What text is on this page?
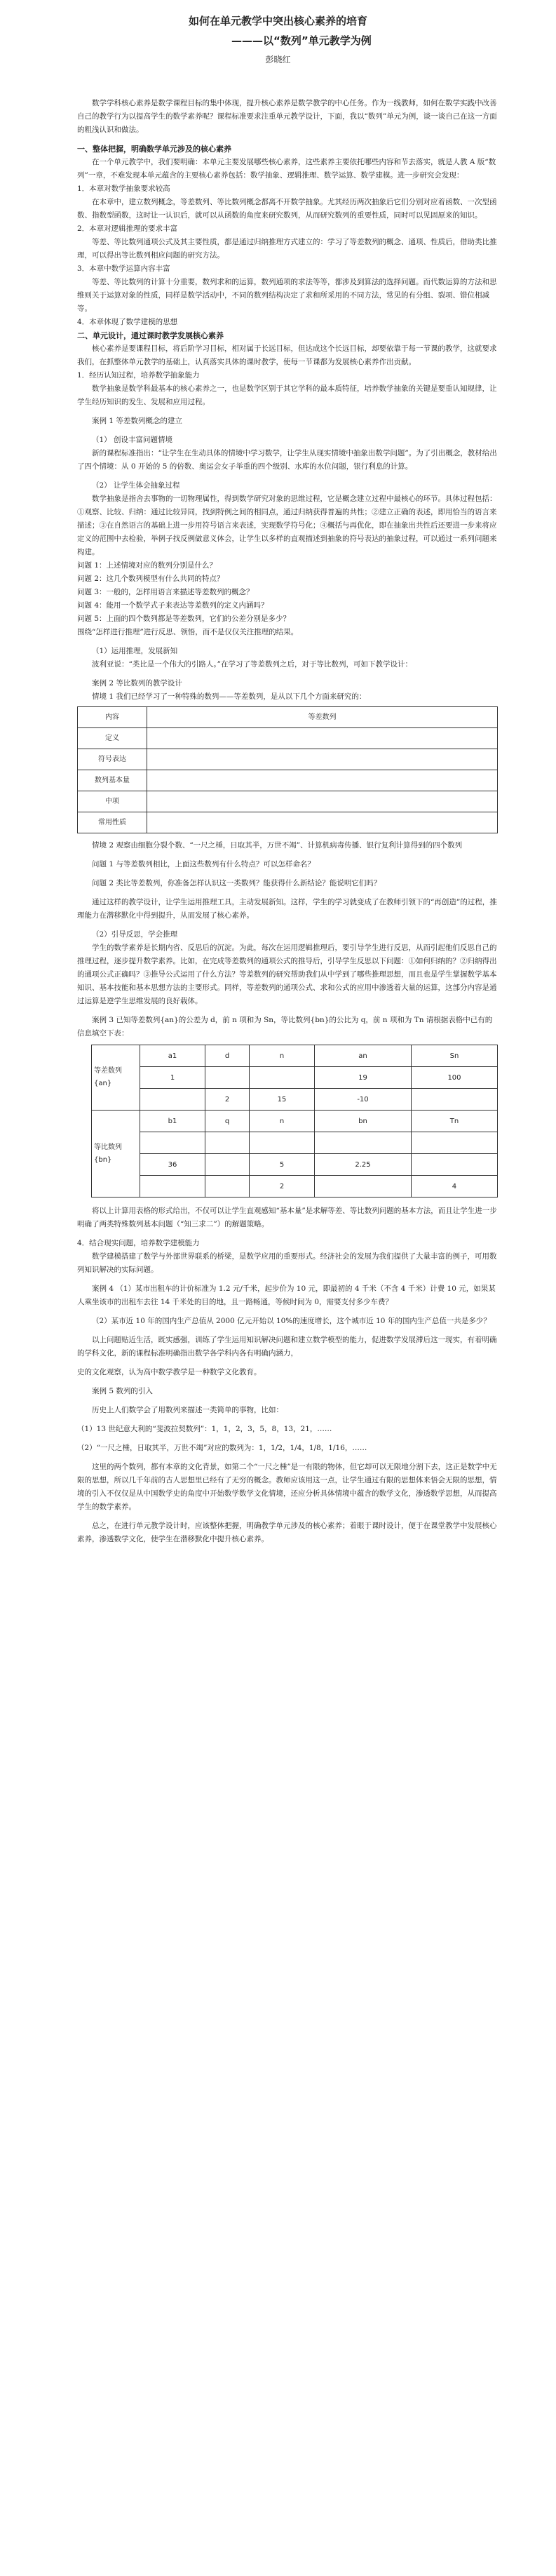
如何在单元教学中突出核心素养的培育
———以“数列”单元教学为例
彭晓红

数学学科核心素养是数学课程目标的集中体现，提升核心素养是数学教学的中心任务。作为一线教师，如何在数学实践中改善自己的教学行为以提高学生的数学素养呢？课程标准要求注重单元教学设计，下面，我以“数列”单元为例，谈一谈自己在这一方面的粗浅认识和做法。

一、整体把握，明确数学单元涉及的核心素养

在一个单元教学中，我们要明确：本单元主要发展哪些核心素养，这些素养主要依托哪些内容和节去落实，就是人教 A 版“数列”一章，不难发现本单元蕴含的主要核心素养包括：数学抽象、逻辑推理、数学运算、数学建模。进一步研究会发现：

1．本章对数学抽象要求较高

在本章中，建立数列概念，等差数列、等比数列概念都离不开数学抽象。尤其经历两次抽象后它们分别对应着函数、一次型函数、指数型函数，这时让一认识后，就可以从函数的角度来研究数列，从而研究数列的重要性质，同时可以见固原来的知识。

2．本章对逻辑推理的要求丰富

等差、等比数列通项公式及其主要性质，都是通过归纳推理方式建立的：学习了等差数列的概念、通项、性质后，借助类比推理，可以得出等比数列相应问题的研究方法。

3．本章中数学运算内容丰富

等差、等比数列的计算十分重要，数列求和的运算，数列通项的求法等等，都涉及到算法的选择问题。而代数运算的方法和思维则关于运算对象的性质，同样是数学活动中，不同的数列结构决定了求和所采用的不同方法，常见的有分组、裂项、错位相减等。

4．本章体现了数学建模的思想

二、单元设计，通过课时教学发展核心素养

核心素养是要课程目标，将后阶学习目标，相对属于长远目标，但达成这个长远目标，却要依靠于每一节课的教学，这就要求我们，在抓整体单元教学的基础上，认真落实具体的课时教学，使每一节课都为发展核心素养作出贡献。

1．经历认知过程，培养数学抽象能力

数学抽象是数学科最基本的核心素养之一，也是数学区别于其它学科的最本质特征，培养数学抽象的关键是要重认知规律，让学生经历知识的发生、发展和应用过程。

案例 1 等差数列概念的建立

（1） 创设丰富问题情境

新的课程标准指出：“让学生在生动具体的情境中学习数学，让学生从现实情境中抽象出数学问题”。为了引出概念，教材给出了四个情境：从 0 开始的 5 的倍数、奥运会女子举重的四个级别、水库的水位问题，银行利息的计算。

（2） 让学生体会抽象过程

数学抽象是指舍去事物的一切物理属性，得到数学研究对象的思维过程，它是概念建立过程中最核心的环节。具体过程包括：①观察、比较、归纳：通过比较异同，找到特例之间的相同点，通过归纳获得普遍的共性；②建立正确的表述，即用恰当的语言来描述；③在自然语言的基础上进一步用符号语言来表述，实现数学符号化；④概括与再优化，即在抽象出共性后还要进一步来将应定义的范围中去检验，举例子找反例做意义体会，让学生以多样的直观描述到抽象的符号表达的抽象过程，可以通过一系列问题来构建。

问题 1：上述情境对应的数列分别是什么？

问题 2：这几个数列模型有什么共同的特点？

问题 3：一般的，怎样用语言来描述等差数列的概念？

问题 4：能用一个数学式子来表达等差数列的定义内涵吗？

问题 5：上面的四个数列都是等差数列，它们的公差分别是多少？

围绕“怎样进行推理”进行反思、领悟，而不是仅仅关注推理的结果。

（1）运用推理，发展新知

波利亚说：“类比是一个伟大的引路人。”在学习了等差数列之后，对于等比数列，可如下教学设计：

案例 2 等比数列的教学设计

情境 1 我们已经学习了一种特殊的数列——等差数列，是从以下几个方面来研究的：

内容	等差数列
定义	
符号表达	
数列基本量	
中项	
常用性质	

情境 2 观察由细胞分裂个数、“一尺之棰，日取其半，万世不竭”、计算机病毒传播、银行复利计算得到的四个数列

问题 1 与等差数列相比，上面这些数列有什么特点？可以怎样命名？

问题 2 类比等差数列，你准备怎样认识这一类数列？能获得什么新结论？能说明它们吗？

通过这样的教学设计，让学生运用推理工具，主动发展新知。这样，学生的学习就变成了在教师引领下的“再创造”的过程，推理能力在潜移默化中得到提升，从而发展了核心素养。

（2）引导反思，学会推理

学生的数学素养是长期内省、反思后的沉淀。为此，每次在运用逻辑推理后，要引导学生进行反思，从而引起他们反思自己的推理过程，逐步提升数学素养。比如，在完成等差数列的通项公式的推导后，引导学生反思以下问题：①如何归纳的？②归纳得出的通项公式正确吗？③推导公式运用了什么方法？等差数列的研究帮助我们从中学到了哪些推理思想，而且也是学生掌握数学基本知识、基本技能和基本思想方法的主要形式。同样，等差数列的通项公式、求和公式的应用中渗透着大量的运算，这部分内容是通过运算是逆学生思维发展的良好载体。

案例 3 已知等差数列{an}的公差为 d，前 n 项和为 Sn，等比数列{bn}的公比为 q，前 n 项和为 Tn 请根据表格中已有的信息填空下表：

等差数列
{an}	a1	d	n	an	Sn
	1			19	100
		2	15	-10	
等比数列
{bn}	b1	q	n	bn	Tn

	36		5	2.25	
			2		4

将以上计算用表格的形式给出，不仅可以让学生直观感知“基本量”是求解等差、等比数列问题的基本方法，而且让学生进一步明确了两类特殊数列基本问题（“知三求二”）的解题策略。

4．结合现实问题，培养数学建模能力

数学建模搭建了数学与外部世界联系的桥梁，是数学应用的重要形式。经济社会的发展为我们提供了大量丰富的例子，可用数列知识解决的实际问题。

案例 4 （1）某市出租车的计价标准为 1.2 元/千米，起步价为 10 元，即最初的 4 千米（不含 4 千米）计费 10 元，如果某人乘坐该市的出租车去往 14 千米处的目的地，且一路畅通，等候时间为 0，需要支付多少车费？

（2）某市近 10 年的国内生产总值从 2000 亿元开始以 10%的速度增长，这个城市近 10 年的国内生产总值一共是多少？

以上问题贴近生活，既实感强，训练了学生运用知识解决问题和建立数学模型的能力，促进数学发展滞后这一现实，有着明确的学科文化，新的课程标准明确指出数学各学科内各有明确内涵力，

史的文化观察，认为高中数学教学是一种数学文化教育。

案例 5 数列的引入

历史上人们数学会了用数列来描述一类简单的事物，比如：

（1）13 世纪意大利的“斐波拉契数列”：1，1，2，3，5，8，13，21，……

（2）“一尺之棰，日取其半，万世不竭”对应的数列为：1，1/2，1/4，1/8，1/16，……

这里的两个数列，都有本章的文化背景，如第二个“一尺之棰”是一有限的物体，但它却可以无限地分割下去，这正是数学中无限的思想，所以几千年前的古人思想里已经有了无穷的概念。教师应该用这一点，让学生通过有限的思想体来悟会无限的思想，情境的引入不仅仅是从中国数学史的角度中开始数学数学文化情境，还应分析具体情境中蕴含的数学文化，渗透数学思想，从而提高学生的数学素养。

总之，在进行单元教学设计时，应该整体把握，明确教学单元涉及的核心素养；着眼于课时设计，便于在课堂教学中发展核心素养，渗透数学文化，使学生在潜移默化中提升核心素养。
